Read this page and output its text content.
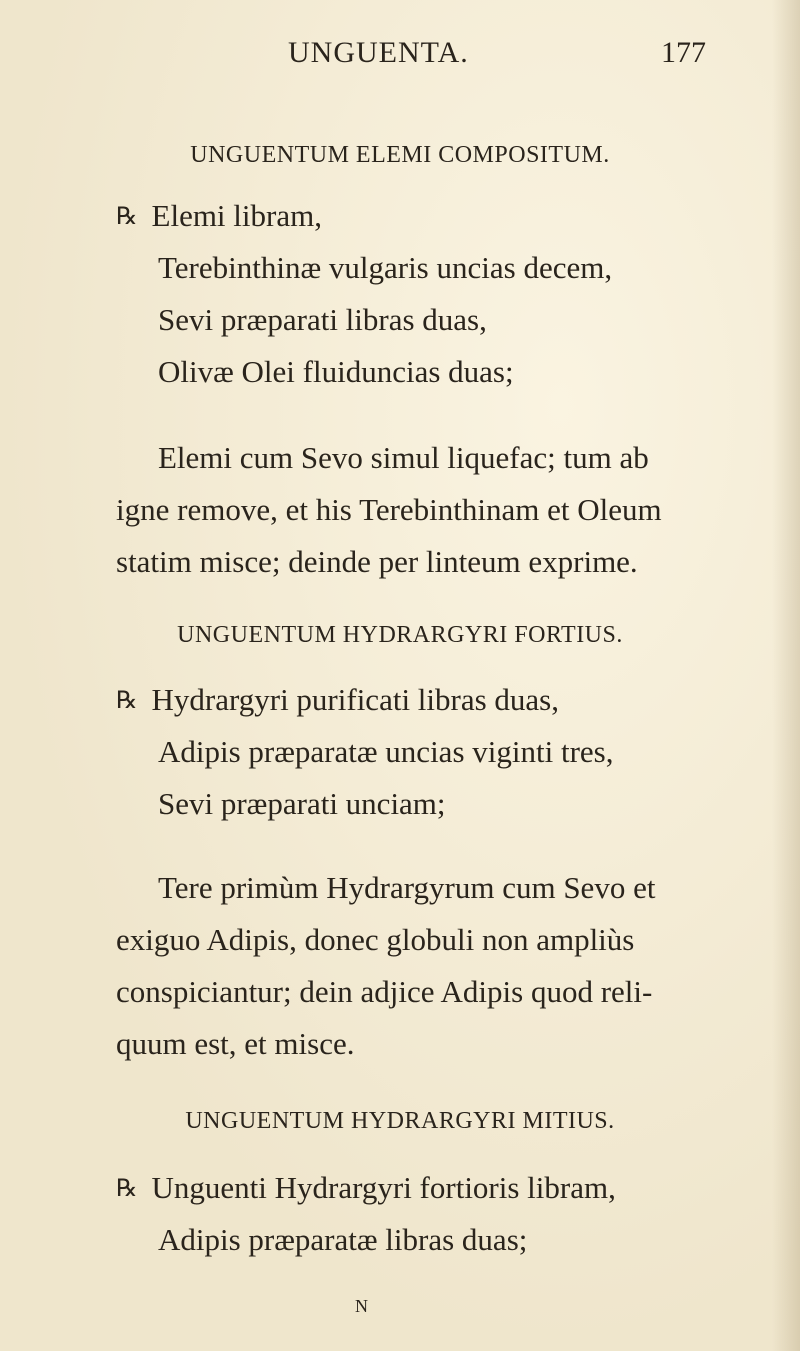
UNGUENTA.	177
UNGUENTUM ELEMI COMPOSITUM.
℞ Elemi libram,
Terebinthinæ vulgaris uncias decem,
Sevi præparati libras duas,
Olivæ Olei fluiduncias duas;
Elemi cum Sevo simul liquefac; tum ab
igne remove, et his Terebinthinam et Oleum
statim misce; deinde per linteum exprime.
UNGUENTUM HYDRARGYRI FORTIUS.
℞ Hydrargyri purificati libras duas,
Adipis præparatæ uncias viginti tres,
Sevi præparati unciam;
Tere primùm Hydrargyrum cum Sevo et
exiguo Adipis, donec globuli non ampliùs
conspiciantur; dein adjice Adipis quod reli-
quum est, et misce.
UNGUENTUM HYDRARGYRI MITIUS.
℞ Unguenti Hydrargyri fortioris libram,
Adipis præparatæ libras duas;
N
